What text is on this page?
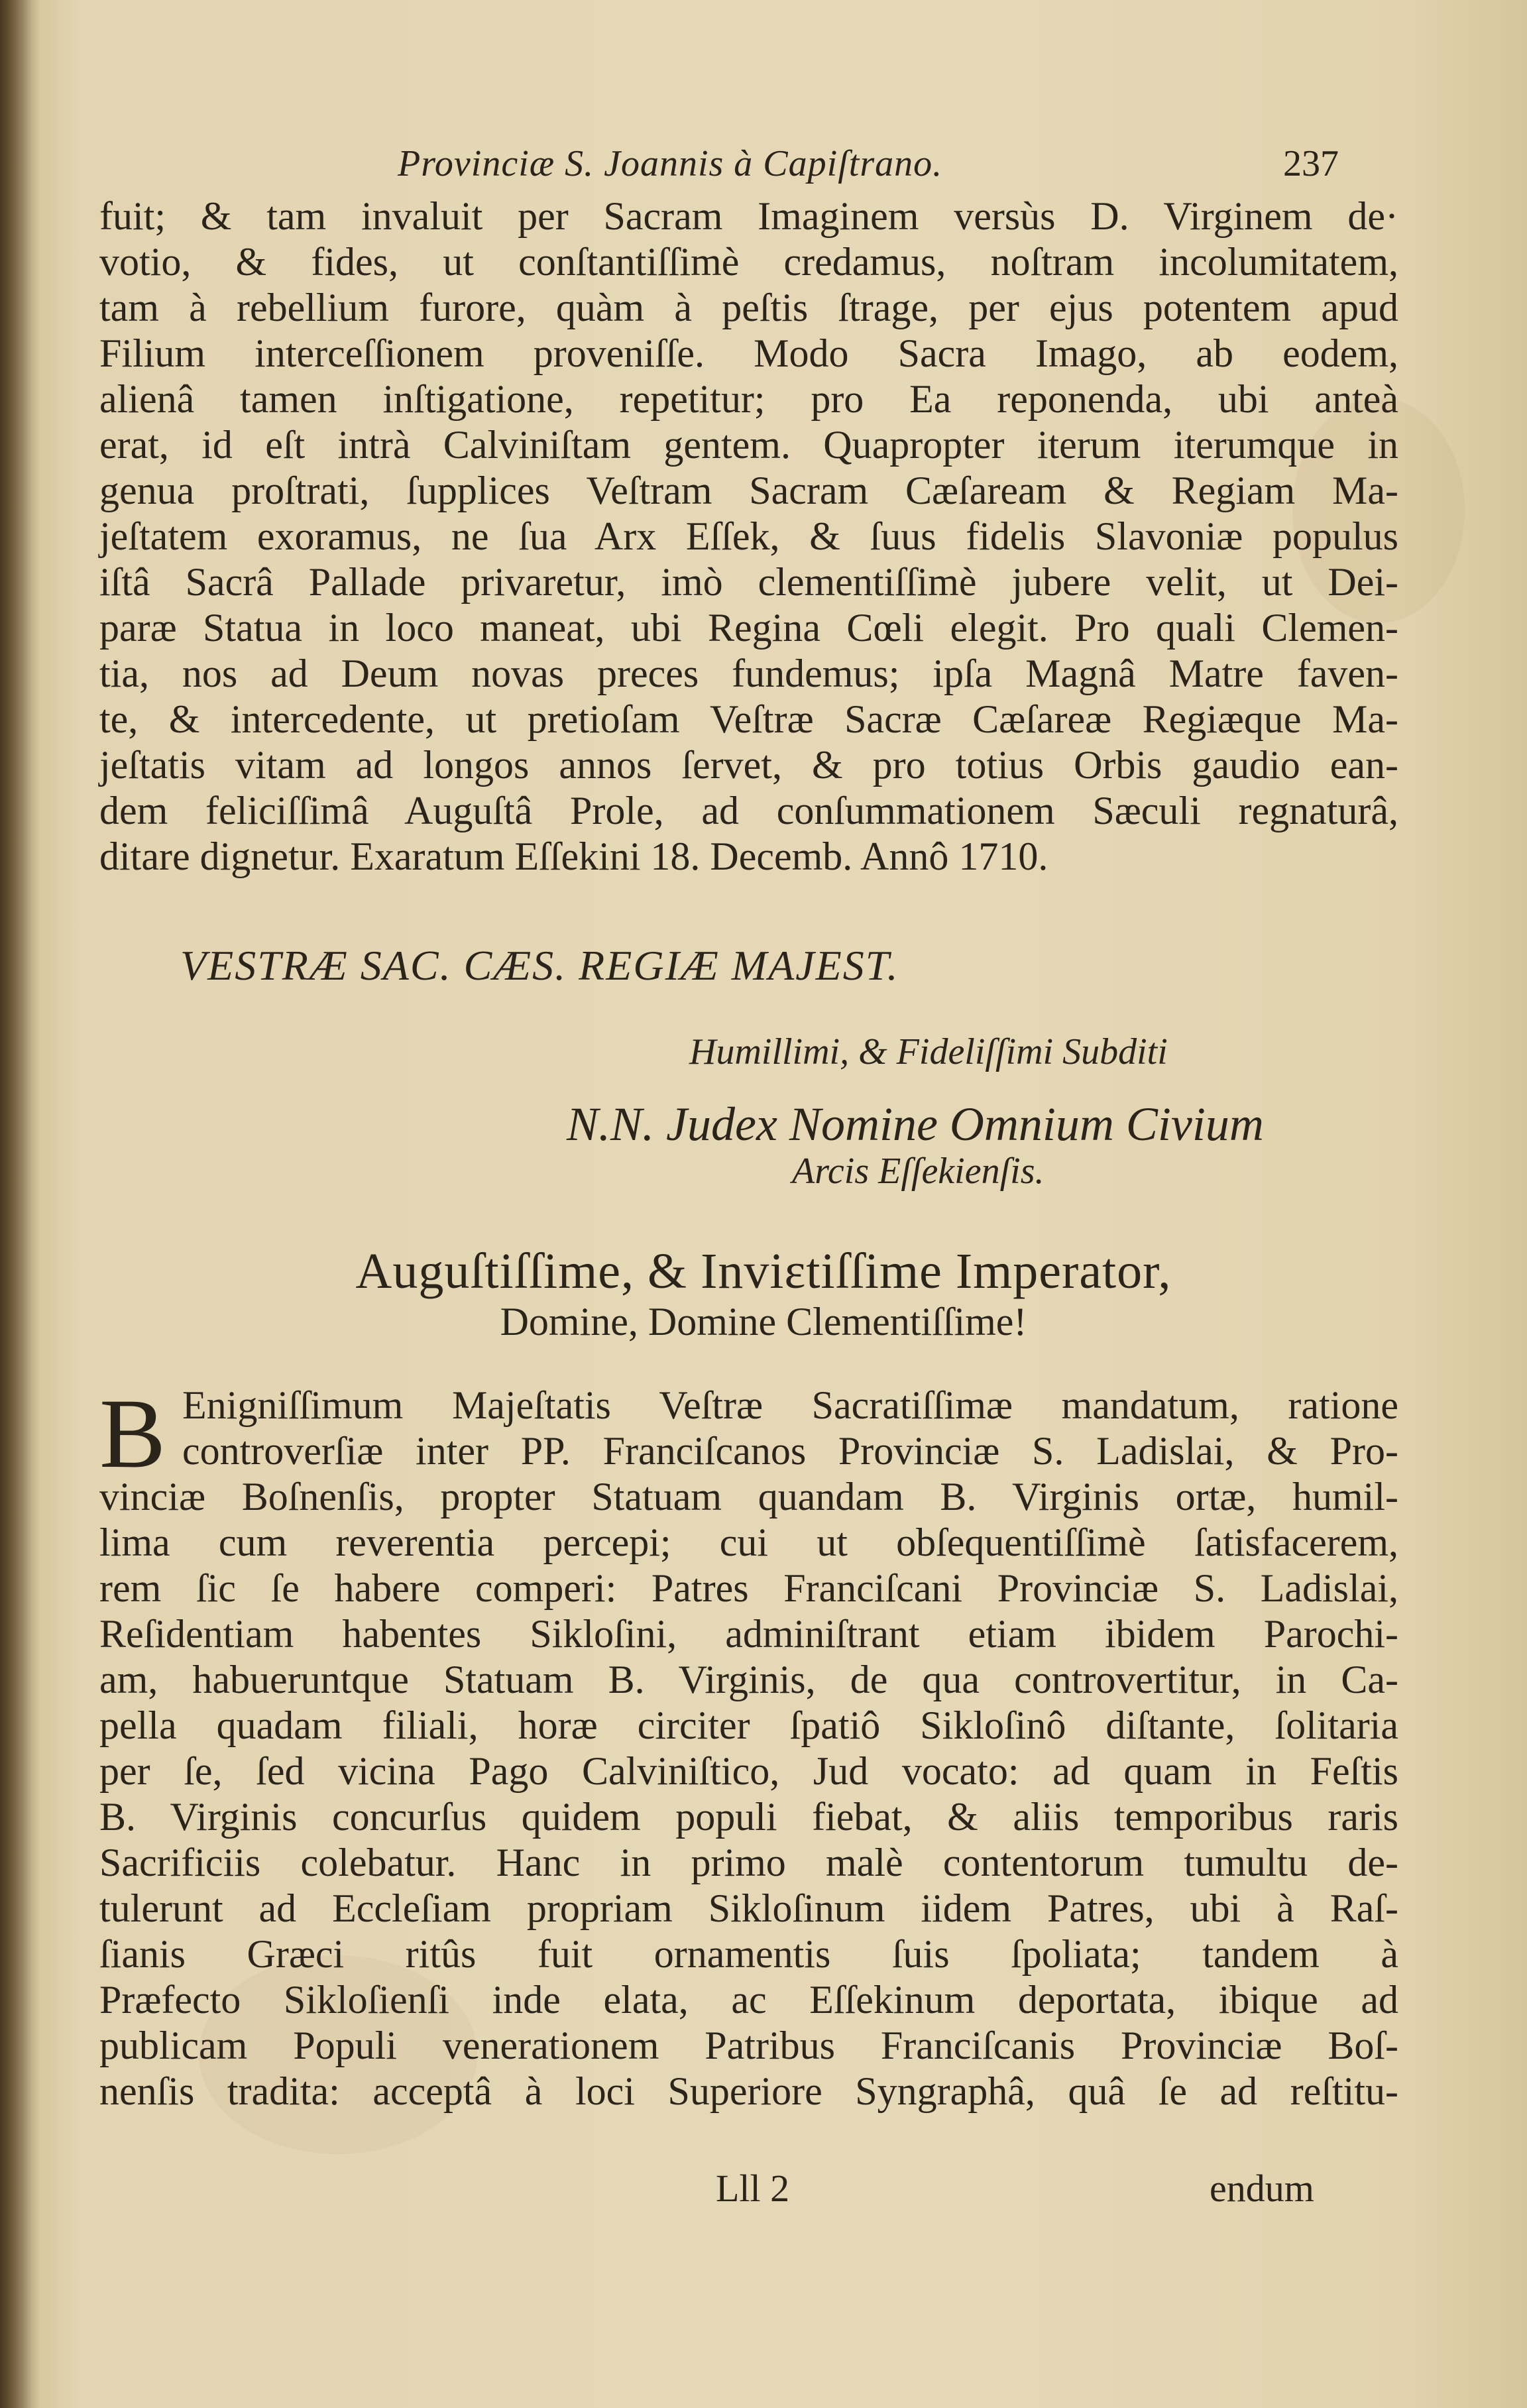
Provinciæ S. Joannis à Capiſtrano.	237
fuit; & tam invaluit per Sacram Imaginem versùs D. Virginem de·
votio, & fides, ut conſtantiſſimè credamus, noſtram incolumitatem,
tam à rebellium furore, quàm à peſtis ſtrage, per ejus potentem apud
Filium interceſſionem proveniſſe. Modo Sacra Imago, ab eodem,
alienâ tamen inſtigatione, repetitur; pro Ea reponenda, ubi anteà
erat, id eſt intrà Calviniſtam gentem. Quapropter iterum iterumque in
genua proſtrati, ſupplices Veſtram Sacram Cæſaream & Regiam Ma-
jeſtatem exoramus, ne ſua Arx Eſſek, & ſuus fidelis Slavoniæ populus
iſtâ Sacrâ Pallade privaretur, imò clementiſſimè jubere velit, ut Dei-
paræ Statua in loco maneat, ubi Regina Cœli elegit. Pro quali Clemen-
tia, nos ad Deum novas preces fundemus; ipſa Magnâ Matre faven-
te, & intercedente, ut pretioſam Veſtræ Sacræ Cæſareæ Regiæque Ma-
jeſtatis vitam ad longos annos ſervet, & pro totius Orbis gaudio ean-
dem feliciſſimâ Auguſtâ Prole, ad conſummationem Sæculi regnaturâ,
ditare dignetur. Exaratum Eſſekini 18. Decemb. Annô 1710.
VESTRÆ SAC. CÆS. REGIÆ MAJEST.
Humillimi, & Fideliſſimi Subditi
N.N. Judex Nomine Omnium Civium
Arcis Eſſekienſis.
Auguſtiſſime, & Inviɛtiſſime Imperator,
Domine, Domine Clementiſſime!
B Enigniſſimum Majeſtatis Veſtræ Sacratiſſimæ mandatum, ratione
controverſiæ inter PP. Franciſcanos Provinciæ S. Ladislai, & Pro-
vinciæ Boſnenſis, propter Statuam quandam B. Virginis ortæ, humil-
lima cum reverentia percepi; cui ut obſequentiſſimè ſatisfacerem,
rem ſic ſe habere comperi: Patres Franciſcani Provinciæ S. Ladislai,
Reſidentiam habentes Sikloſini, adminiſtrant etiam ibidem Parochi-
am, habueruntque Statuam B. Virginis, de qua controvertitur, in Ca-
pella quadam filiali, horæ circiter ſpatiô Sikloſinô diſtante, ſolitaria
per ſe, ſed vicina Pago Calviniſtico, Jud vocato: ad quam in Feſtis
B. Virginis concurſus quidem populi fiebat, & aliis temporibus raris
Sacrificiis colebatur. Hanc in primo malè contentorum tumultu de-
tulerunt ad Eccleſiam propriam Sikloſinum iidem Patres, ubi à Raſ-
ſianis Græci ritûs fuit ornamentis ſuis ſpoliata; tandem à
Præfecto Sikloſienſi inde elata, ac Eſſekinum deportata, ibique ad
publicam Populi venerationem Patribus Franciſcanis Provinciæ Boſ-
nenſis tradita: acceptâ à loci Superiore Syngraphâ, quâ ſe ad reſtitu-
Lll 2	endum
